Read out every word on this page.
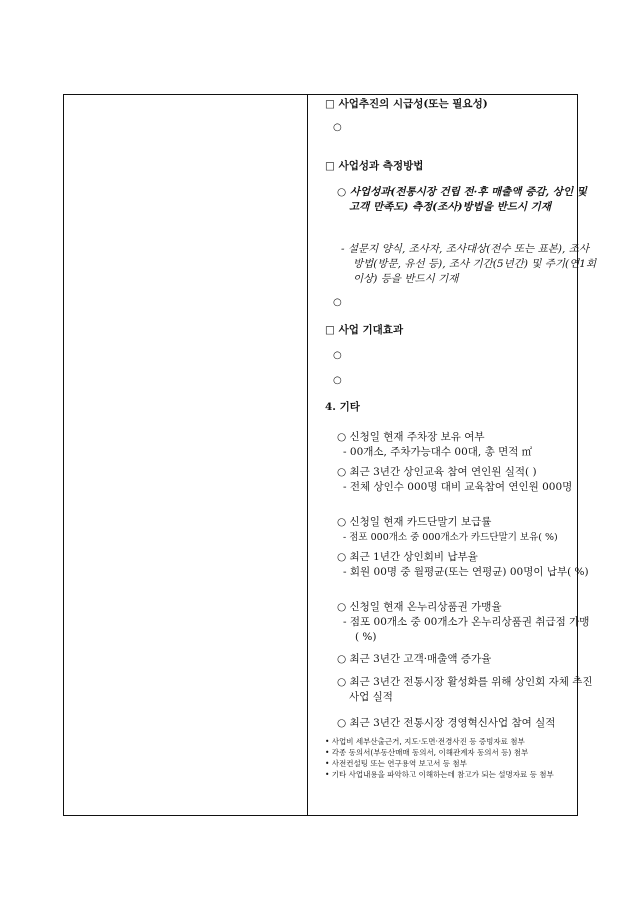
□ 사업추진의 시급성(또는 필요성)
○
□ 사업성과 측정방법
○ 사업성과(전통시장 건립 전·후 매출액 증감, 상인 및 고객 만족도) 측정(조사)방법을 반드시 기재
- 설문지 양식, 조사자, 조사대상(전수 또는 표본), 조사방법(방문, 유선 등), 조사 기간(5년간) 및 주기(연1회 이상) 등을 반드시 기재
○
□ 사업 기대효과
○
○
4. 기타
○ 신청일 현재 주차장 보유 여부
- 00개소, 주차가능대수 00대, 총 면적 ㎡
○ 최근 3년간 상인교육 참여 연인원 실적( )
- 전체 상인수 000명 대비 교육참여 연인원 000명
○ 신청일 현재 카드단말기 보급률
- 점포 000개소 중 000개소가 카드단말기 보유( %)
○ 최근 1년간 상인회비 납부율
- 회원 00명 중 월평균(또는 연평균) 00명이 납부( %)
○ 신청일 현재 온누리상품권 가맹율
- 점포 00개소 중 00개소가 온누리상품권 취급점 가맹( %)
○ 최근 3년간 고객·매출액 증가율
○ 최근 3년간 전통시장 활성화를 위해 상인회 자체 추진사업 실적
○ 최근 3년간 전통시장 경영혁신사업 참여 실적
• 사업비 세부산출근거, 지도·도면·전경사진 등 증빙자료 첨부
• 각종 동의서(부동산매매 동의서, 이해관계자 동의서 등) 첨부
• 사전컨설팅 또는 연구용역 보고서 등 첨부
• 기타 사업내용을 파악하고 이해하는데 참고가 되는 설명자료 등 첨부
